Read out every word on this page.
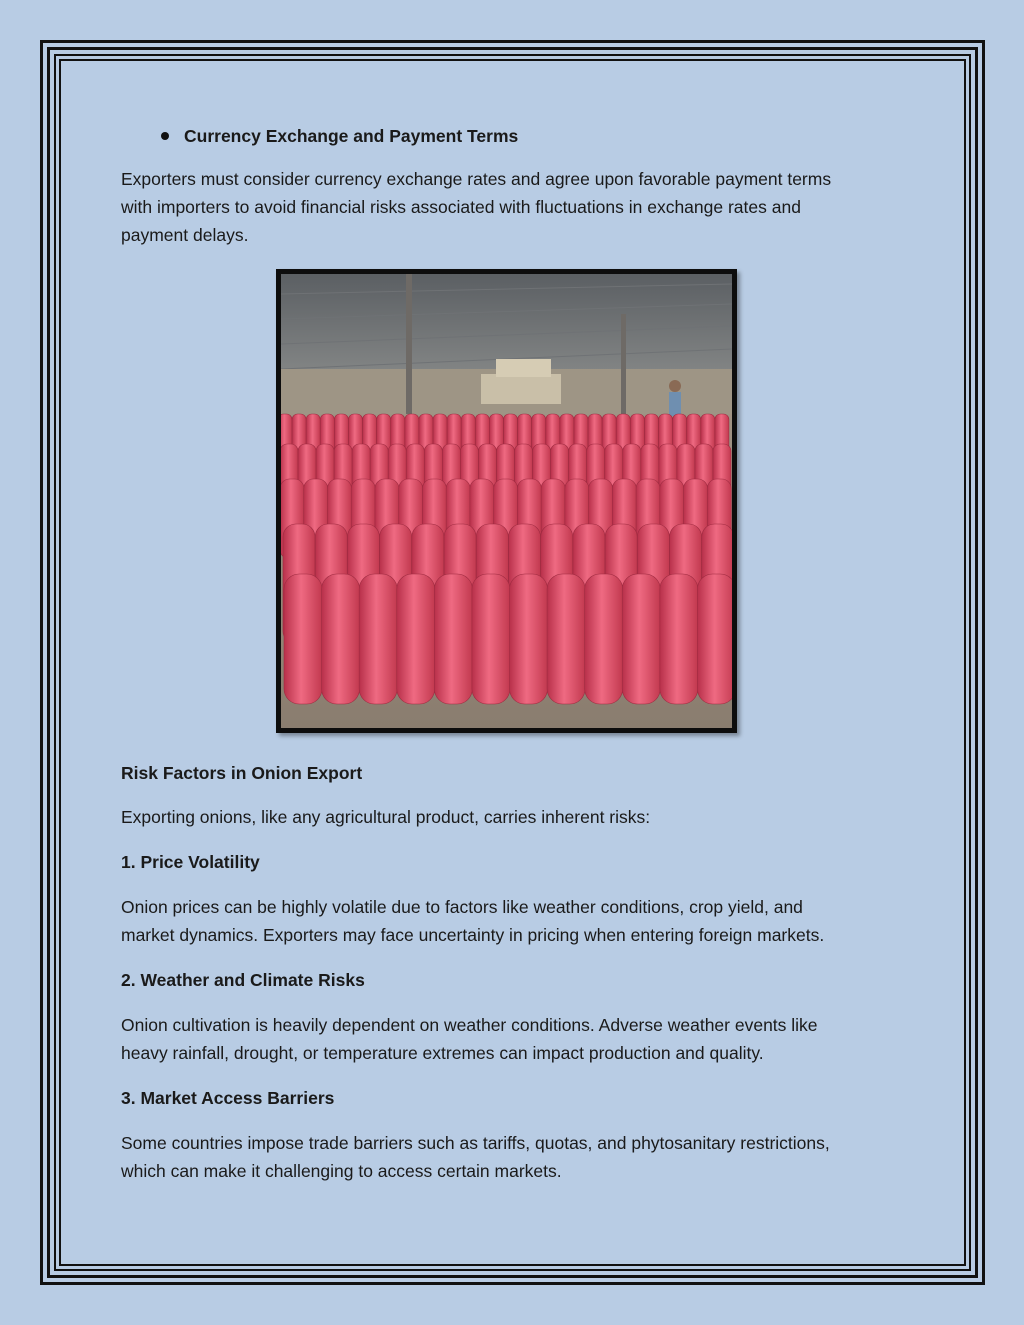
Currency Exchange and Payment Terms

Exporters must consider currency exchange rates and agree upon favorable payment terms
with importers to avoid financial risks associated with fluctuations in exchange rates and
payment delays.

Risk Factors in Onion Export

Exporting onions, like any agricultural product, carries inherent risks:

1. Price Volatility

Onion prices can be highly volatile due to factors like weather conditions, crop yield, and
market dynamics. Exporters may face uncertainty in pricing when entering foreign markets.

2. Weather and Climate Risks

Onion cultivation is heavily dependent on weather conditions. Adverse weather events like
heavy rainfall, drought, or temperature extremes can impact production and quality.

3. Market Access Barriers

Some countries impose trade barriers such as tariffs, quotas, and phytosanitary restrictions,
which can make it challenging to access certain markets.
